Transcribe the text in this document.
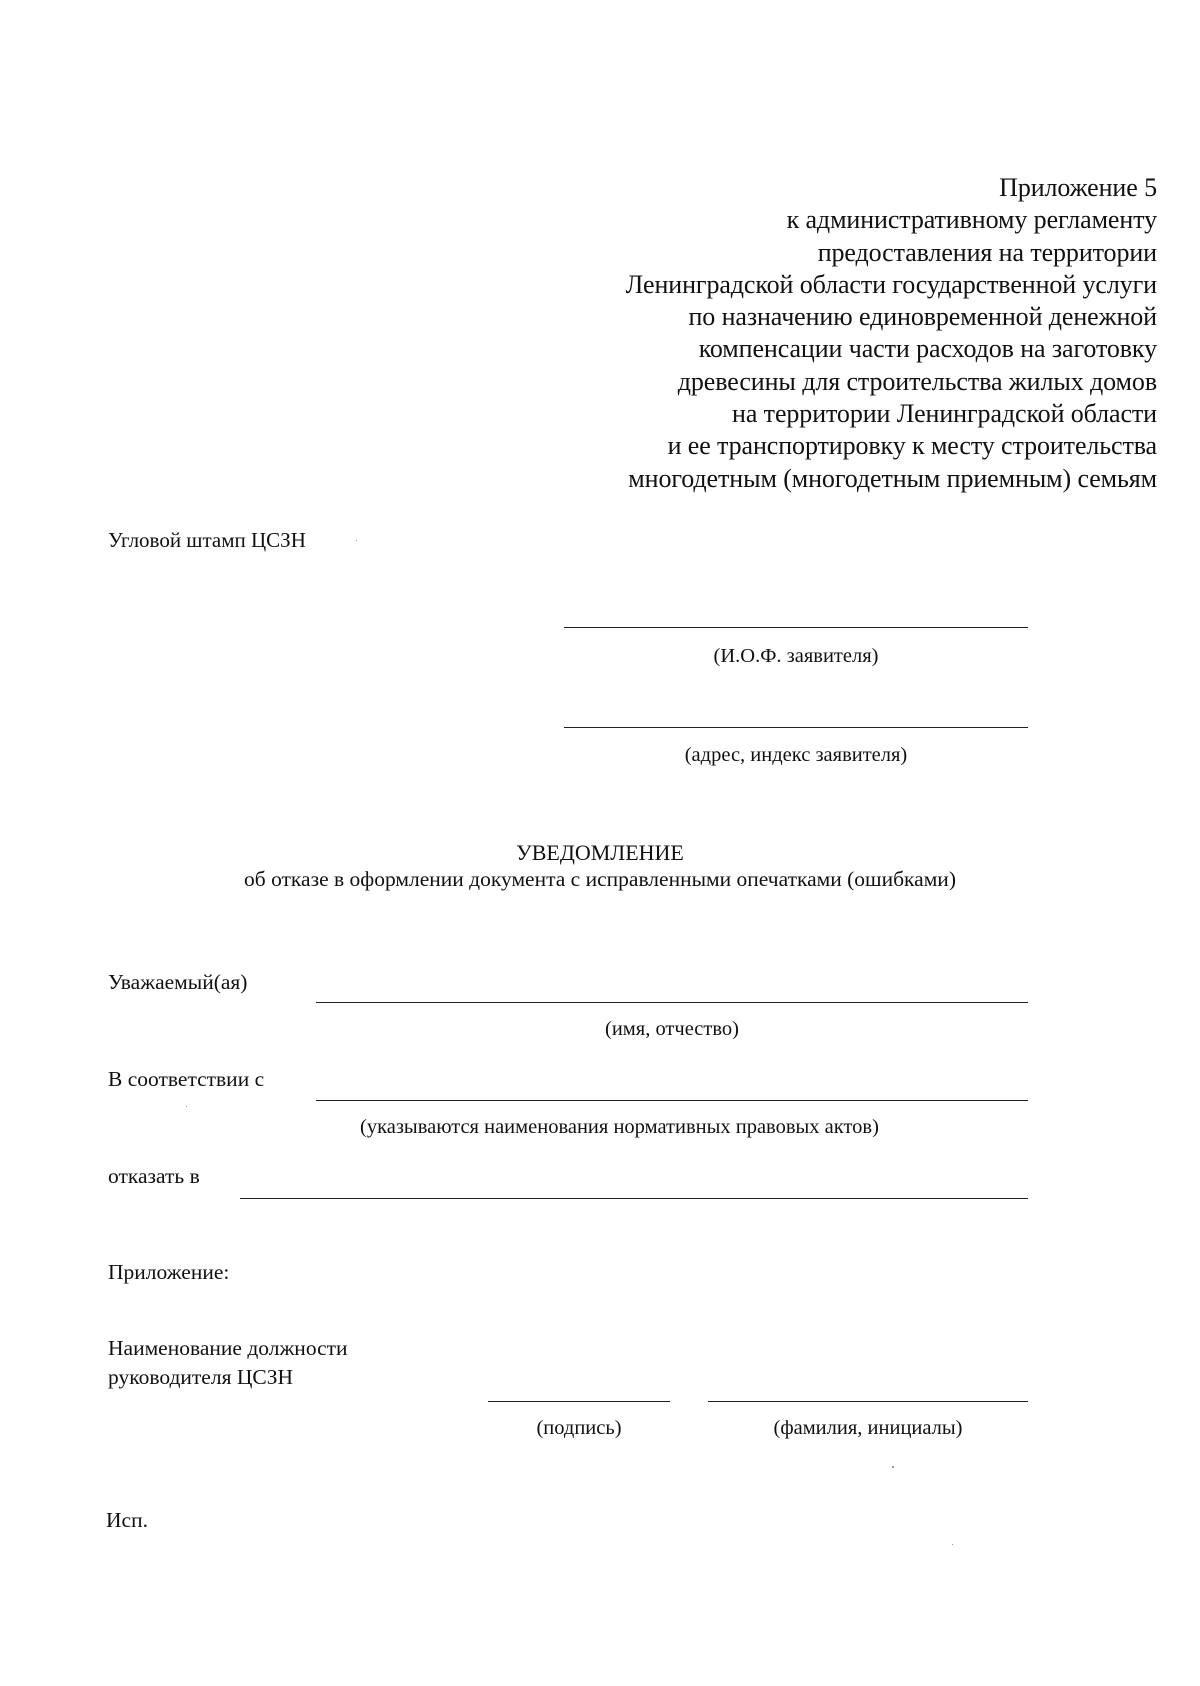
Приложение 5
к административному регламенту
предоставления на территории
Ленинградской области государственной услуги
по назначению единовременной денежной
компенсации части расходов на заготовку
древесины для строительства жилых домов
на территории Ленинградской области
и ее транспортировку к месту строительства
многодетным (многодетным приемным) семьям
Угловой штамп ЦСЗН
(И.О.Ф. заявителя)
(адрес, индекс заявителя)
УВЕДОМЛЕНИЕ
об отказе в оформлении документа с исправленными опечатками (ошибками)
Уважаемый(ая)
(имя, отчество)
В соответствии с
(указываются наименования нормативных правовых актов)
отказать в
Приложение:
Наименование должности
руководителя ЦСЗН
(подпись)	(фамилия, инициалы)
Исп.
